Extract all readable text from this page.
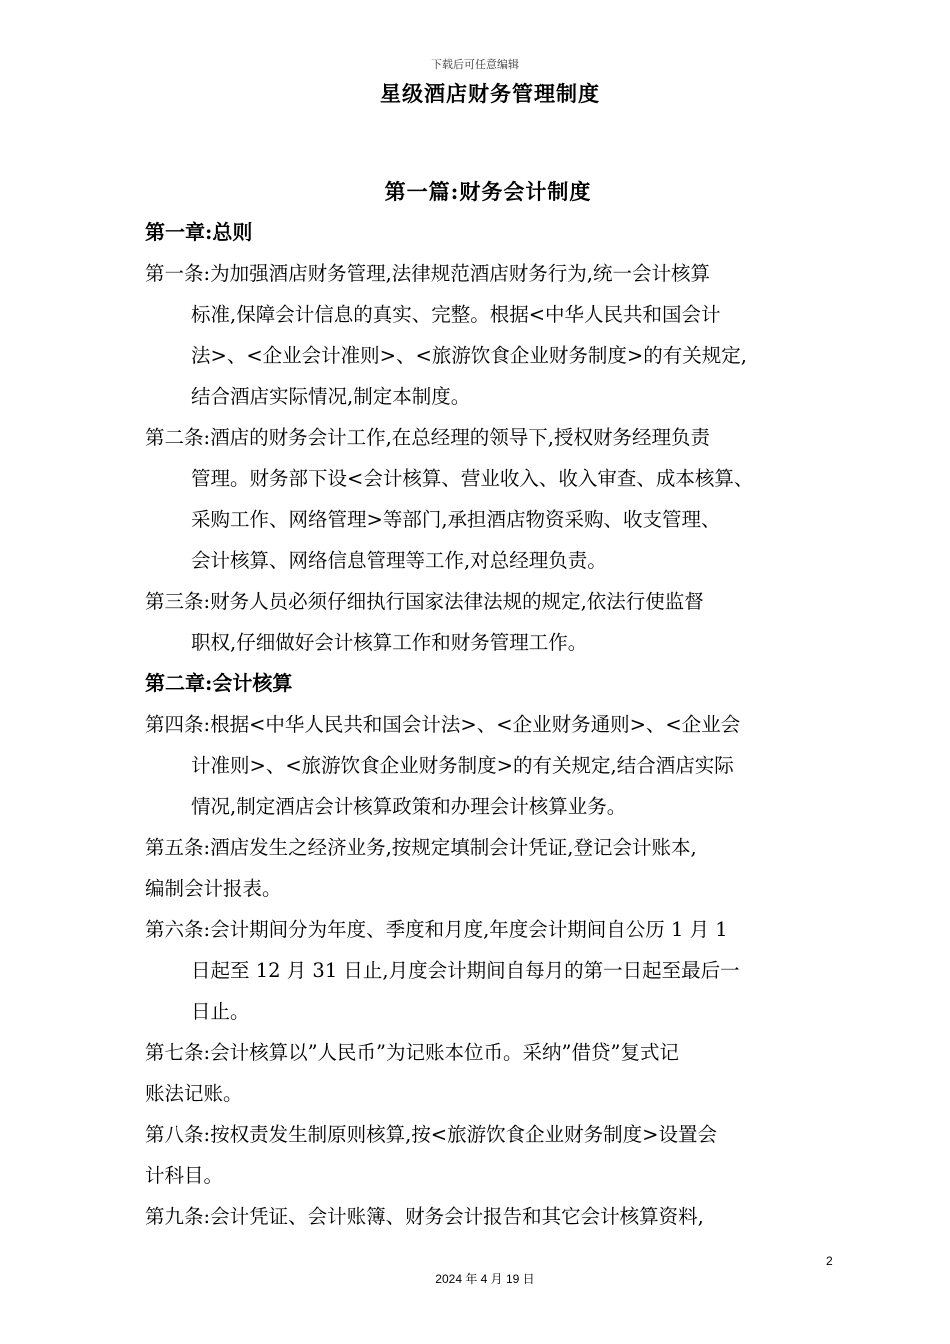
下载后可任意编辑
星级酒店财务管理制度
第一篇:财务会计制度
第一章:总则
第一条:为加强酒店财务管理,法律规范酒店财务行为,统一会计核算
标准,保障会计信息的真实、完整。根据<中华人民共和国会计
法>、<企业会计准则>、<旅游饮食企业财务制度>的有关规定,
结合酒店实际情况,制定本制度。
第二条:酒店的财务会计工作,在总经理的领导下,授权财务经理负责
管理。财务部下设<会计核算、营业收入、收入审查、成本核算、
采购工作、网络管理>等部门,承担酒店物资采购、收支管理、
会计核算、网络信息管理等工作,对总经理负责。
第三条:财务人员必须仔细执行国家法律法规的规定,依法行使监督
职权,仔细做好会计核算工作和财务管理工作。
第二章:会计核算
第四条:根据<中华人民共和国会计法>、<企业财务通则>、<企业会
计准则>、<旅游饮食企业财务制度>的有关规定,结合酒店实际
情况,制定酒店会计核算政策和办理会计核算业务。
第五条:酒店发生之经济业务,按规定填制会计凭证,登记会计账本,
编制会计报表。
第六条:会计期间分为年度、季度和月度,年度会计期间自公历 1 月 1
日起至 12 月 31 日止,月度会计期间自每月的第一日起至最后一
日止。
第七条:会计核算以”人民币”为记账本位币。采纳”借贷”复式记
账法记账。
第八条:按权责发生制原则核算,按<旅游饮食企业财务制度>设置会
计科目。
第九条:会计凭证、会计账簿、财务会计报告和其它会计核算资料,
2
2024 年 4 月 19 日
